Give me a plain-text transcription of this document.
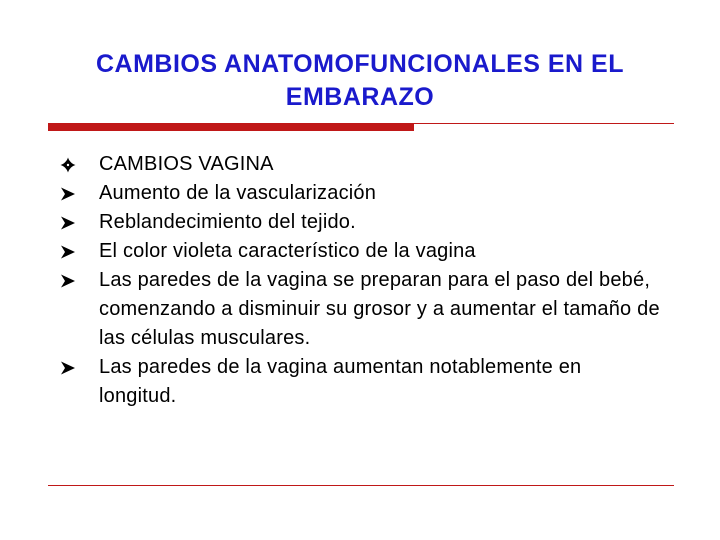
CAMBIOS ANATOMOFUNCIONALES EN EL EMBARAZO
CAMBIOS VAGINA
Aumento de la vascularización
Reblandecimiento del tejido.
El color violeta característico de la vagina
Las paredes de la vagina se preparan para el paso del bebé, comenzando a disminuir su grosor y a aumentar el tamaño de las células musculares.
Las paredes de la vagina aumentan notablemente en longitud.
